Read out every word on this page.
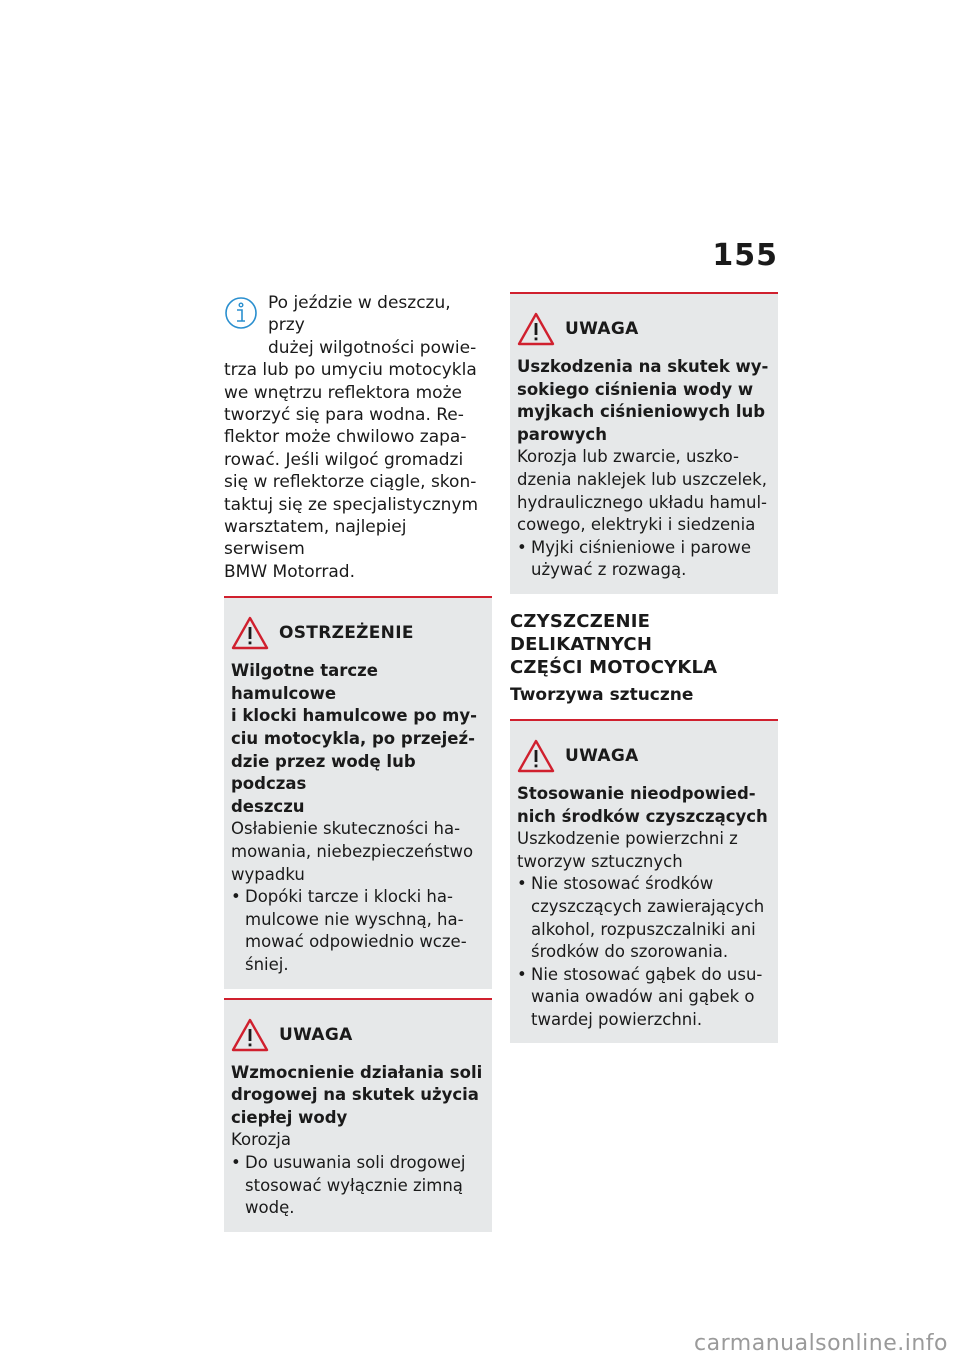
155
Po jeździe w deszczu, przy
dużej wilgotności powie-
trza lub po umyciu motocykla
we wnętrzu reflektora może
tworzyć się para wodna. Re-
flektor może chwilowo zapa-
rować. Jeśli wilgoć gromadzi
się w reflektorze ciągle, skon-
taktuj się ze specjalistycznym
warsztatem, najlepiej serwisem
BMW Motorrad.
OSTRZEŻENIE
Wilgotne tarcze hamulcowe
i klocki hamulcowe po my-
ciu motocykla, po przejeź-
dzie przez wodę lub podczas
deszczu
Osłabienie skuteczności ha-
mowania, niebezpieczeństwo
wypadku
• Dopóki tarcze i klocki ha-
mulcowe nie wyschną, ha-
mować odpowiednio wcze-
śniej.
UWAGA
Wzmocnienie działania soli
drogowej na skutek użycia
ciepłej wody
Korozja
• Do usuwania soli drogowej
stosować wyłącznie zimną
wodę.
UWAGA
Uszkodzenia na skutek wy-
sokiego ciśnienia wody w
myjkach ciśnieniowych lub
parowych
Korozja lub zwarcie, uszko-
dzenia naklejek lub uszczelek,
hydraulicznego układu hamul-
cowego, elektryki i siedzenia
• Myjki ciśnieniowe i parowe
używać z rozwagą.
CZYSZCZENIE DELIKATNYCH
CZĘŚCI MOTOCYKLA
Tworzywa sztuczne
UWAGA
Stosowanie nieodpowied-
nich środków czyszczących
Uszkodzenie powierzchni z
tworzyw sztucznych
• Nie stosować środków
czyszczących zawierających
alkohol, rozpuszczalniki ani
środków do szorowania.
• Nie stosować gąbek do usu-
wania owadów ani gąbek o
twardej powierzchni.
carmanualsonline.info
